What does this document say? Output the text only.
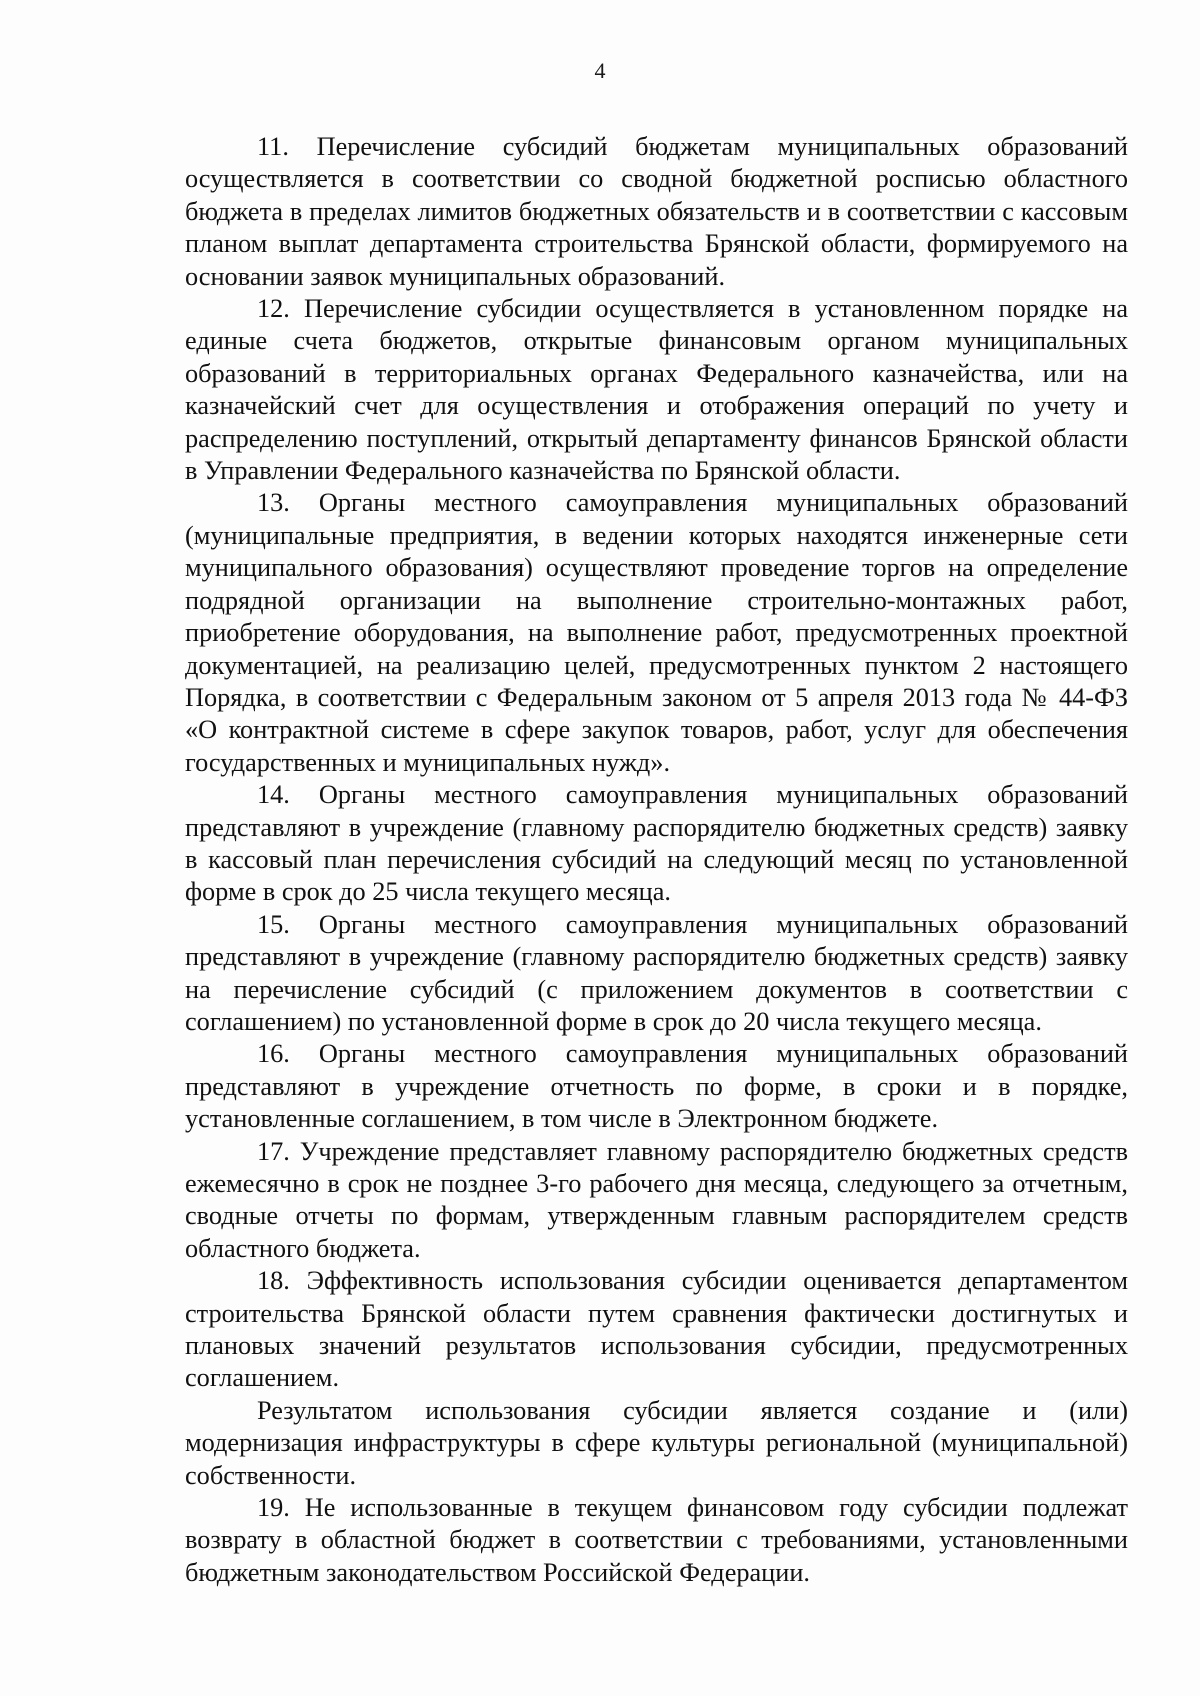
4

11. Перечисление субсидий бюджетам муниципальных образований осуществляется в соответствии со сводной бюджетной росписью областного бюджета в пределах лимитов бюджетных обязательств и в соответствии с кассовым планом выплат департамента строительства Брянской области, формируемого на основании заявок муниципальных образований.

12. Перечисление субсидии осуществляется в установленном порядке на единые счета бюджетов, открытые финансовым органом муниципальных образований в территориальных органах Федерального казначейства, или на казначейский счет для осуществления и отображения операций по учету и распределению поступлений, открытый департаменту финансов Брянской области в Управлении Федерального казначейства по Брянской области.

13. Органы местного самоуправления муниципальных образований (муниципальные предприятия, в ведении которых находятся инженерные сети муниципального образования) осуществляют проведение торгов на определение подрядной организации на выполнение строительно-монтажных работ, приобретение оборудования, на выполнение работ, предусмотренных проектной документацией, на реализацию целей, предусмотренных пунктом 2 настоящего Порядка, в соответствии с Федеральным законом от 5 апреля 2013 года № 44-ФЗ «О контрактной системе в сфере закупок товаров, работ, услуг для обеспечения государственных и муниципальных нужд».

14. Органы местного самоуправления муниципальных образований представляют в учреждение (главному распорядителю бюджетных средств) заявку в кассовый план перечисления субсидий на следующий месяц по установленной форме в срок до 25 числа текущего месяца.

15. Органы местного самоуправления муниципальных образований представляют в учреждение (главному распорядителю бюджетных средств) заявку на перечисление субсидий (с приложением документов в соответствии с соглашением) по установленной форме в срок до 20 числа текущего месяца.

16. Органы местного самоуправления муниципальных образований представляют в учреждение отчетность по форме, в сроки и в порядке, установленные соглашением, в том числе в Электронном бюджете.

17. Учреждение представляет главному распорядителю бюджетных средств ежемесячно в срок не позднее 3-го рабочего дня месяца, следующего за отчетным, сводные отчеты по формам, утвержденным главным распорядителем средств областного бюджета.

18. Эффективность использования субсидии оценивается департаментом строительства Брянской области путем сравнения фактически достигнутых и плановых значений результатов использования субсидии, предусмотренных соглашением.

Результатом использования субсидии является создание и (или) модернизация инфраструктуры в сфере культуры региональной (муниципальной) собственности.

19. Не использованные в текущем финансовом году субсидии подлежат возврату в областной бюджет в соответствии с требованиями, установленными бюджетным законодательством Российской Федерации.
